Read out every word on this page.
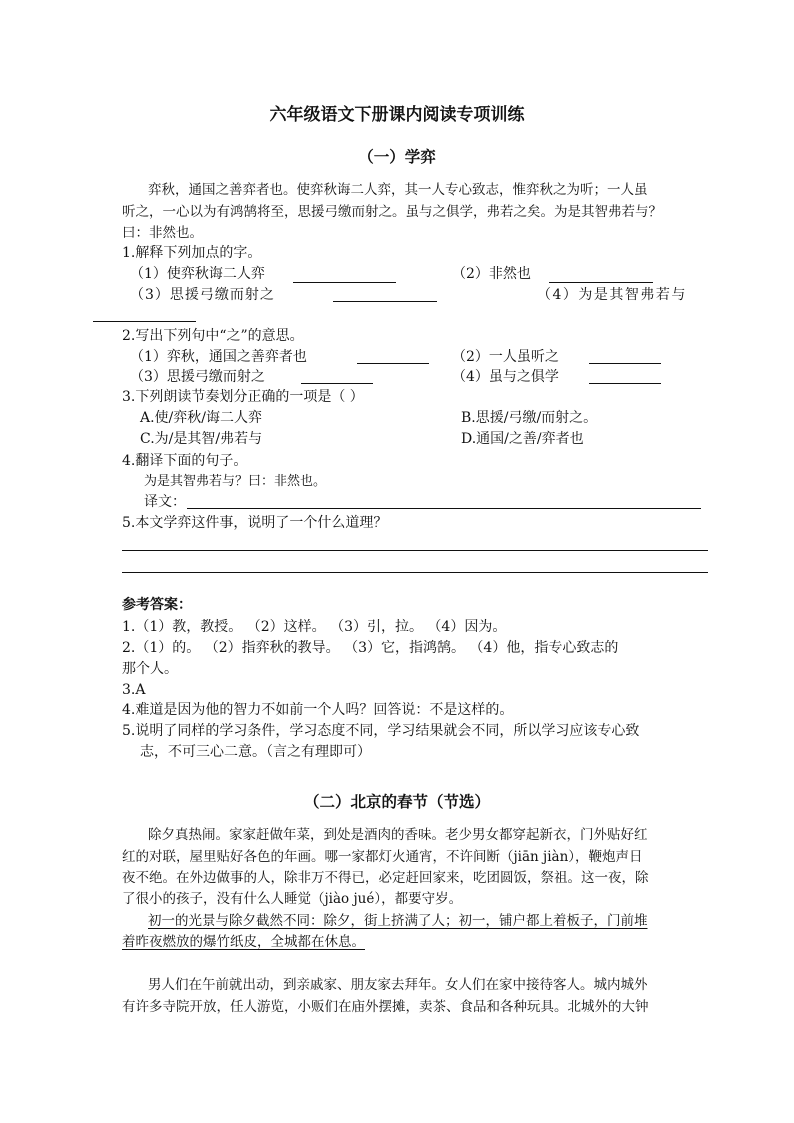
六年级语文下册课内阅读专项训练
（一）学弈
弈秋，通国之善弈者也。使弈秋诲二人弈，其一人专心致志，惟弈秋之为听；一人虽
听之，一心以为有鸿鹄将至，思援弓缴而射之。虽与之俱学，弗若之矣。为是其智弗若与？
曰：非然也。
1.解释下列加点的字。
（1）使弈秋诲二人弈	（2）非然也
（3）思援弓缴而射之	（4）为是其智弗若与
2.写出下列句中“之”的意思。
（1）弈秋，通国之善弈者也	（2）一人虽听之
（3）思援弓缴而射之	（4）虽与之俱学
3.下列朗读节奏划分正确的一项是（ ）
A.使/弈秋/诲二人弈	B.思援/弓缴/而射之。
C.为/是其智/弗若与	D.通国/之善/弈者也
4.翻译下面的句子。
为是其智弗若与？曰：非然也。
译文：
5.本文学弈这件事，说明了一个什么道理？
参考答案：
1.（1）教，教授。 （2）这样。 （3）引，拉。 （4）因为。
2.（1）的。 （2）指弈秋的教导。 （3）它，指鸿鹄。 （4）他，指专心致志的
那个人。
3.A
4.难道是因为他的智力不如前一个人吗？回答说：不是这样的。
5.说明了同样的学习条件，学习态度不同，学习结果就会不同，所以学习应该专心致
志，不可三心二意。（言之有理即可）
（二）北京的春节（节选）
除夕真热闹。家家赶做年菜，到处是酒肉的香味。老少男女都穿起新衣，门外贴好红
红的对联，屋里贴好各色的年画。哪一家都灯火通宵，不许间断（jiān jiàn），鞭炮声日
夜不绝。在外边做事的人，除非万不得已，必定赶回家来，吃团圆饭，祭祖。这一夜，除
了很小的孩子，没有什么人睡觉（jiào jué），都要守岁。
初一的光景与除夕截然不同：除夕，街上挤满了人；初一，铺户都上着板子，门前堆
着昨夜燃放的爆竹纸皮，全城都在休息。
男人们在午前就出动，到亲戚家、朋友家去拜年。女人们在家中接待客人。城内城外
有许多寺院开放，任人游览，小贩们在庙外摆摊，卖茶、食品和各种玩具。北城外的大钟
